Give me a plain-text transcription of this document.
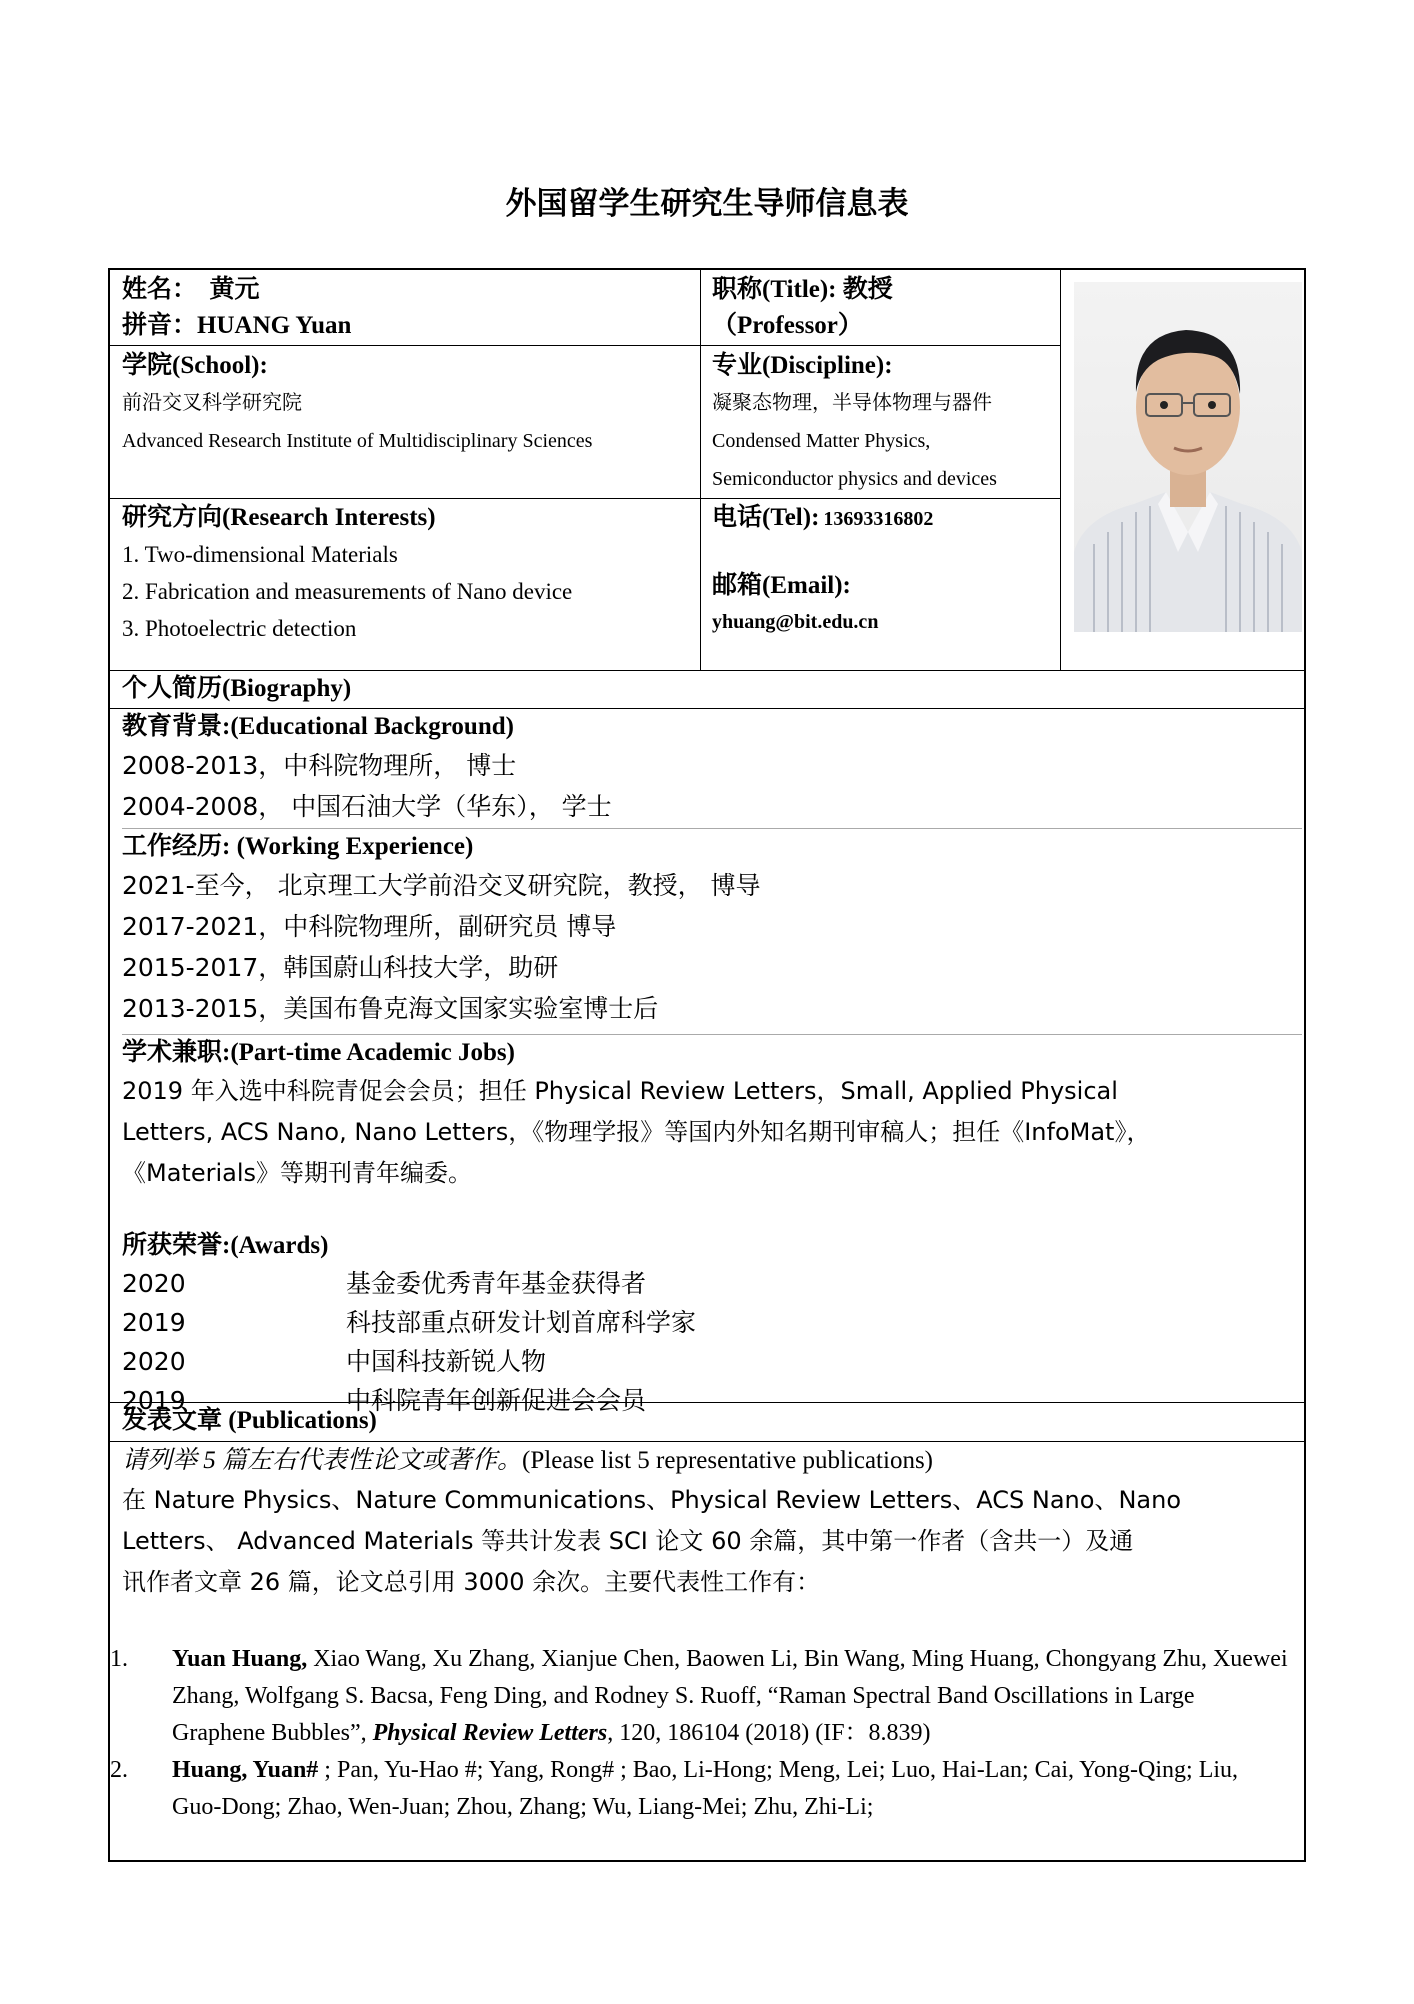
外国留学生研究生导师信息表
姓名： 黄元
拼音：HUANG Yuan
职称(Title): 教授
（Professor）
学院(School):
前沿交叉科学研究院
Advanced Research Institute of Multidisciplinary Sciences
专业(Discipline):
凝聚态物理，半导体物理与器件
Condensed Matter Physics,
Semiconductor physics and devices
研究方向(Research Interests)
1. Two-dimensional Materials
2. Fabrication and measurements of Nano device
3. Photoelectric detection
电话(Tel): 13693316802
邮箱(Email):
yhuang@bit.edu.cn
个人简历(Biography)
教育背景:(Educational Background)
2008-2013，中科院物理所， 博士
2004-2008， 中国石油大学（华东）， 学士
工作经历: (Working Experience)
2021-至今， 北京理工大学前沿交叉研究院，教授， 博导
2017-2021，中科院物理所，副研究员 博导
2015-2017，韩国蔚山科技大学，助研
2013-2015，美国布鲁克海文国家实验室博士后
学术兼职:(Part-time Academic Jobs)
2019 年入选中科院青促会会员；担任 Physical Review Letters，Small, Applied Physical
Letters, ACS Nano, Nano Letters，《物理学报》等国内外知名期刊审稿人；担任《InfoMat》，
《Materials》等期刊青年编委。
所获荣誉:(Awards)
2020	基金委优秀青年基金获得者
2019	科技部重点研发计划首席科学家
2020	中国科技新锐人物
2019	中科院青年创新促进会会员
发表文章 (Publications)
请列举 5 篇左右代表性论文或著作。(Please list 5 representative publications)
在 Nature Physics、Nature Communications、Physical Review Letters、ACS Nano、Nano
Letters、 Advanced Materials 等共计发表 SCI 论文 60 余篇，其中第一作者（含共一）及通
讯作者文章 26 篇，论文总引用 3000 余次。主要代表性工作有：
1. Yuan Huang, Xiao Wang, Xu Zhang, Xianjue Chen, Baowen Li, Bin Wang, Ming Huang, Chongyang Zhu, Xuewei Zhang, Wolfgang S. Bacsa, Feng Ding, and Rodney S. Ruoff, “Raman Spectral Band Oscillations in Large Graphene Bubbles”, Physical Review Letters, 120, 186104 (2018) (IF：8.839)
2. Huang, Yuan# ; Pan, Yu-Hao #; Yang, Rong# ; Bao, Li-Hong; Meng, Lei; Luo, Hai-Lan; Cai, Yong-Qing; Liu, Guo-Dong; Zhao, Wen-Juan; Zhou, Zhang; Wu, Liang-Mei; Zhu, Zhi-Li;
